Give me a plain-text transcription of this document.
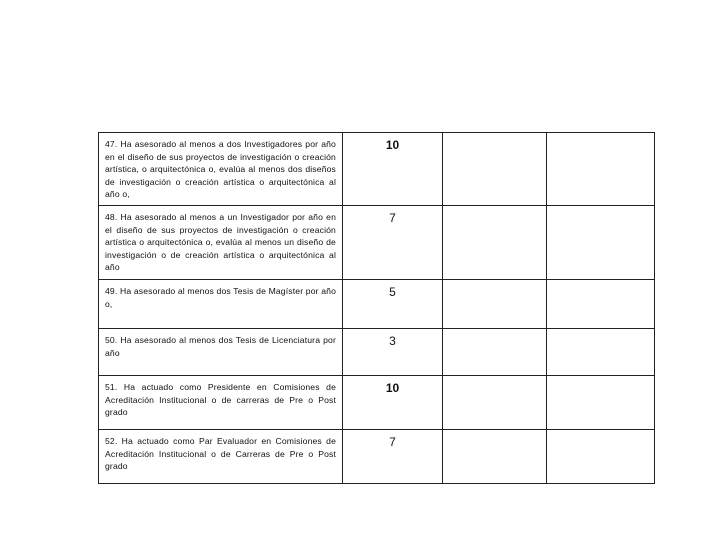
47. Ha asesorado al menos a dos Investigadores por año en el diseño de sus proyectos de investigación o creación artística, o arquitectónica o, evalúa al menos dos diseños de investigación o creación artística o arquitectónica al año o,	10		
48. Ha asesorado al menos a un Investigador por año en el diseño de sus proyectos de investigación o creación artística o arquitectónica o, evalúa al menos un diseño de investigación o de creación artística o arquitectónica al año	7		
49. Ha asesorado al menos dos Tesis de Magíster por año o,	5		
50. Ha asesorado al menos dos Tesis de Licenciatura por año	3		
51. Ha actuado como Presidente en Comisiones de Acreditación Institucional o de carreras de Pre o Post grado	10		
52. Ha actuado como Par Evaluador en Comisiones de Acreditación Institucional o de Carreras de Pre o Post grado	7		
